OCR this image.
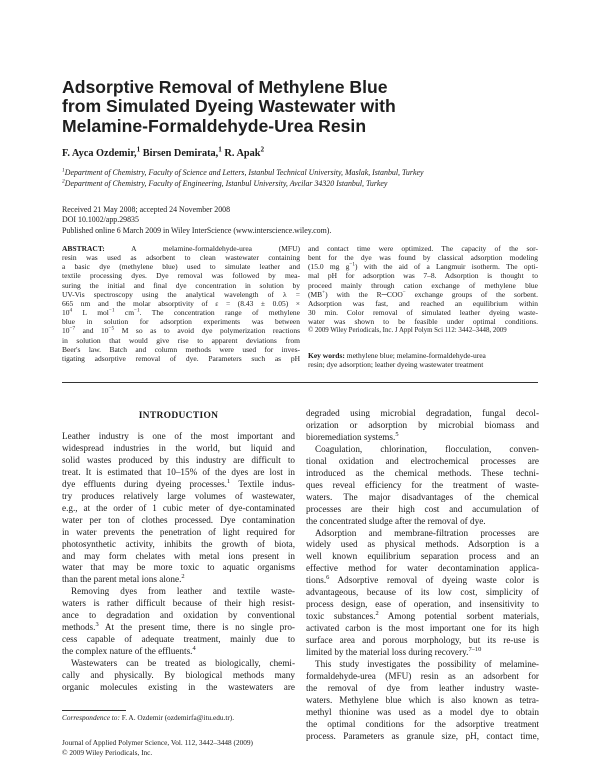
Adsorptive Removal of Methylene Blue
from Simulated Dyeing Wastewater with
Melamine-Formaldehyde-Urea Resin
F. Ayca Ozdemir,$^1$ Birsen Demirata,$^1$ R. Apak$^2$
$^1$Department of Chemistry, Faculty of Science and Letters, Istanbul Technical University, Maslak, Istanbul, Turkey
$^2$Department of Chemistry, Faculty of Engineering, Istanbul University, Avcilar 34320 Istanbul, Turkey
Received 21 May 2008; accepted 24 November 2008
DOI 10.1002/app.29835
Published online 6 March 2009 in Wiley InterScience (www.interscience.wiley.com).
ABSTRACT:	A melamine-formaldehyde-urea (MFU)
resin was used as adsorbent to clean wastewater containing
a basic dye (methylene blue) used to simulate leather and
textile processing dyes. Dye removal was followed by mea-
suring the initial and final dye concentration in solution by
UV-Vis spectroscopy using the analytical wavelength of λ =
665 nm and the molar absorptivity of ε = (8.43 ± 0.05) ×
$10^4$ L mol$^{-1}$ $cm^{-1}$. The concentration range of methylene
blue in solution for adsorption experiments was between
$10^{-7}$ and $10^{-5}$ M so as to avoid dye polymerization reactions
in solution that would give rise to apparent deviations from
Beer's law. Batch and column methods were used for inves-
tigating adsorptive removal of dye. Parameters such as pH
and contact time were optimized. The capacity of the sor-
bent for the dye was found by classical adsorption modeling
(15.0 mg $g^{-1}$) with the aid of a Langmuir isotherm. The opti-
mal pH for adsorption was 7–8. Adsorption is thought to
proceed mainly through cation exchange of methylene blue
(MB+) with the R─COO− exchange groups of the sorbent.
Adsorption was fast, and reached an equilibrium within
30 min. Color removal of simulated leather dyeing waste-
water was shown to be feasible under optimal conditions.
© 2009 Wiley Periodicals, Inc. J Appl Polym Sci 112: 3442–3448, 2009
Key words: methylene blue; melamine-formaldehyde-urea
resin; dye adsorption; leather dyeing wastewater treatment
INTRODUCTION
Leather industry is one of the most important and
widespread industries in the world, but liquid and
solid wastes produced by this industry are difficult to
treat. It is estimated that 10–15% of the dyes are lost in
dye effluents during dyeing processes.$^1$ Textile indus-
try produces relatively large volumes of wastewater,
e.g., at the order of 1 cubic meter of dye-contaminated
water per ton of clothes processed. Dye contamination
in water prevents the penetration of light required for
photosynthetic activity, inhibits the growth of biota,
and may form chelates with metal ions present in
water that may be more toxic to aquatic organisms
than the parent metal ions alone.$^2$
Removing dyes from leather and textile waste-
waters is rather difficult because of their high resist-
ance to degradation and oxidation by conventional
methods.$^3$ At the present time, there is no single pro-
cess capable of adequate treatment, mainly due to
the complex nature of the effluents.$^4$
Wastewaters can be treated as biologically, chemi-
cally and physically. By biological methods many
organic molecules existing in the wastewaters are
degraded using microbial degradation, fungal decol-
orization or adsorption by microbial biomass and
bioremediation systems.$^5$
Coagulation, chlorination, flocculation, conven-
tional oxidation and electrochemical processes are
introduced as the chemical methods. These techni-
ques reveal efficiency for the treatment of waste-
waters. The major disadvantages of the chemical
processes are their high cost and accumulation of
the concentrated sludge after the removal of dye.
Adsorption and membrane-filtration processes are
widely used as physical methods. Adsorption is a
well known equilibrium separation process and an
effective method for water decontamination applica-
tions.$^6$ Adsorptive removal of dyeing waste color is
advantageous, because of its low cost, simplicity of
process design, ease of operation, and insensitivity to
toxic substances.$^2$ Among potential sorbent materials,
activated carbon is the most important one for its high
surface area and porous morphology, but its re-use is
limited by the material loss during recovery.$^{7-10}$
This study investigates the possibility of melamine-
formaldehyde-urea (MFU) resin as an adsorbent for
the removal of dye from leather industry waste-
waters. Methylene blue which is also known as tetra-
methyl thionine was used as a model dye to obtain
the optimal conditions for the adsorptive treatment
process. Parameters as granule size, pH, contact time,
Correspondence to: F. A. Ozdemir (ozdemirfa@itu.edu.tr).
Journal of Applied Polymer Science, Vol. 112, 3442–3448 (2009)
© 2009 Wiley Periodicals, Inc.
